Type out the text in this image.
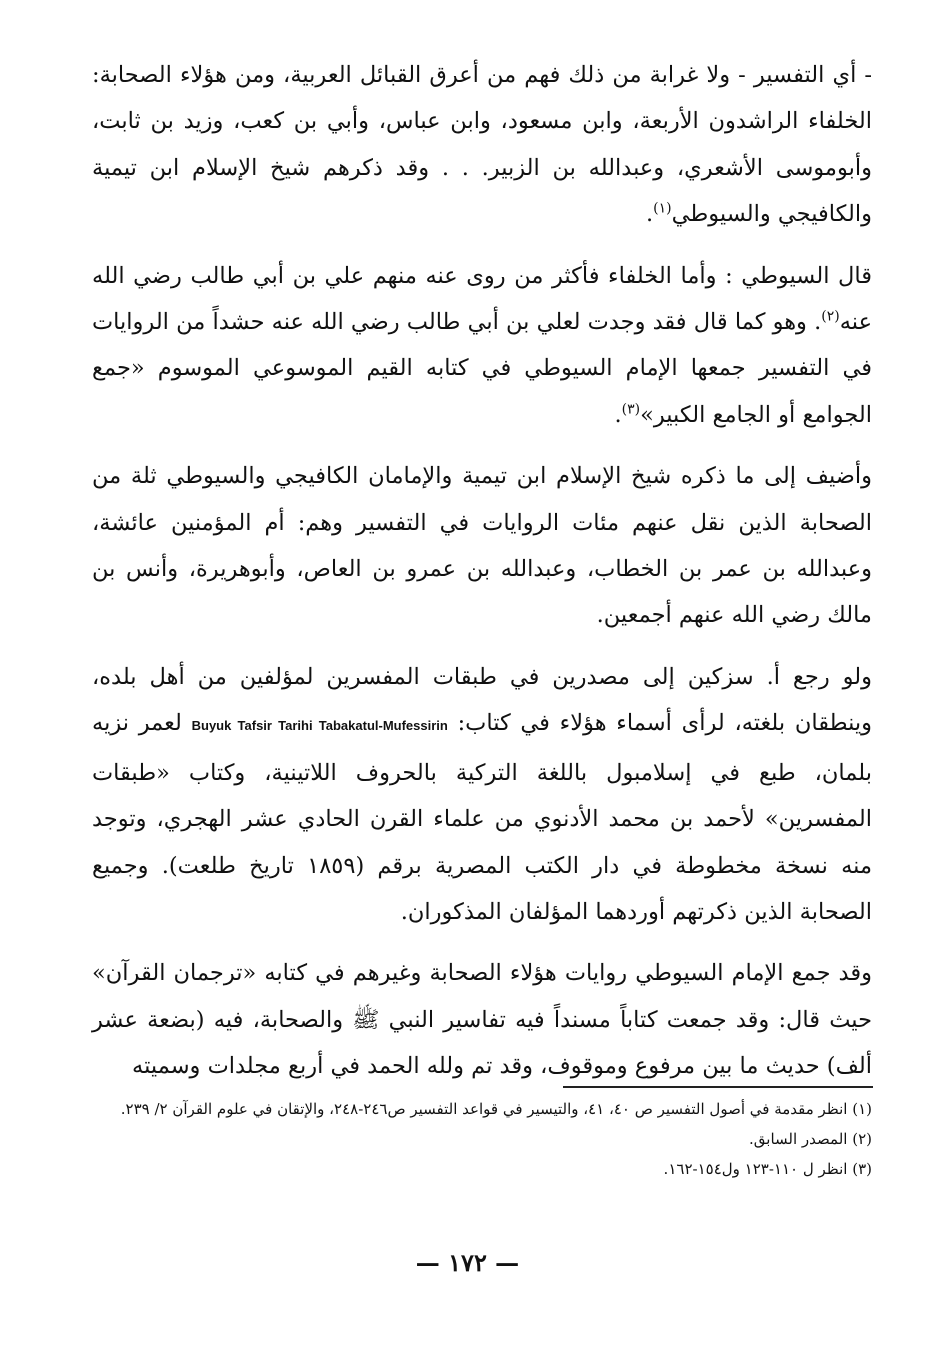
- أي التفسير - ولا غرابة من ذلك فهم من أعرق القبائل العربية، ومن هؤلاء الصحابة: الخلفاء الراشدون الأربعة، وابن مسعود، وابن عباس، وأبي بن كعب، وزيد بن ثابت، وأبوموسى الأشعري، وعبدالله بن الزبير. . . وقد ذكرهم شيخ الإسلام ابن تيمية والكافيجي والسيوطي$^{(١)}$.

قال السيوطي : وأما الخلفاء فأكثر من روى عنه منهم علي بن أبي طالب رضي الله عنه$^{(٢)}$. وهو كما قال فقد وجدت لعلي بن أبي طالب رضي الله عنه حشداً من الروايات في التفسير جمعها الإمام السيوطي في كتابه القيم الموسوعي الموسوم «جمع الجوامع أو الجامع الكبير»$^{(٣)}$.

وأضيف إلى ما ذكره شيخ الإسلام ابن تيمية والإمامان الكافيجي والسيوطي ثلة من الصحابة الذين نقل عنهم مئات الروايات في التفسير وهم: أم المؤمنين عائشة، وعبدالله بن عمر بن الخطاب، وعبدالله بن عمرو بن العاص، وأبوهريرة، وأنس بن مالك رضي الله عنهم أجمعين.

ولو رجع أ. سزكين إلى مصدرين في طبقات المفسرين لمؤلفين من أهل بلده، وينطقان بلغته، لرأى أسماء هؤلاء في كتاب: Buyuk Tafsir Tarihi Tabakatul-Mufessirin لعمر نزيه بلمان، طبع في إسلامبول باللغة التركية بالحروف اللاتينية، وكتاب «طبقات المفسرين» لأحمد بن محمد الأدنوي من علماء القرن الحادي عشر الهجري، وتوجد منه نسخة مخطوطة في دار الكتب المصرية برقم (١٨٥٩ تاريخ طلعت). وجميع الصحابة الذين ذكرتهم أوردهما المؤلفان المذكوران.

وقد جمع الإمام السيوطي روايات هؤلاء الصحابة وغيرهم في كتابه «ترجمان القرآن» حيث قال: وقد جمعت كتاباً مسنداً فيه تفاسير النبي ﷺ والصحابة، فيه (بضعة عشر ألف) حديث ما بين مرفوع وموقوف، وقد تم ولله الحمد في أربع مجلدات وسميته

(١) انظر مقدمة في أصول التفسير ص ٤٠، ٤١، والتيسير في قواعد التفسير ص٢٤٦-٢٤٨، والإتقان في علوم القرآن ٢/ ٢٣٩.

(٢) المصدر السابق.

(٣) انظر ل ١١٠-١٢٣ ول١٥٤-١٦٢.

— ١٧٢ —
